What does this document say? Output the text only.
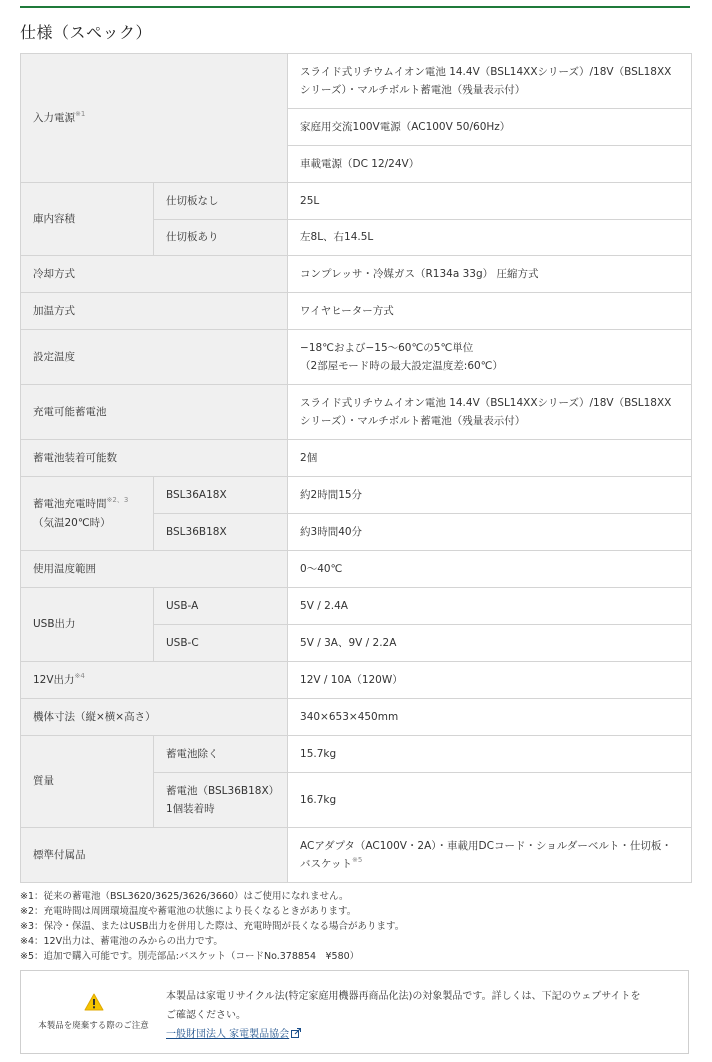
仕様（スペック）
入力電源$^{※1}$		スライド式リチウムイオン電池 14.4V（BSL14XXシリーズ）/18V（BSL18XXシリーズ）・マルチボルト蓄電池（残量表示付）
		家庭用交流100V電源（AC100V 50/60Hz）
		車載電源（DC 12/24V）
庫内容積	仕切板なし	25L
	仕切板あり	左8L、右14.5L
冷却方式		コンプレッサ・冷媒ガス（R134a 33g） 圧縮方式
加温方式		ワイヤヒーター方式
設定温度		−18℃および−15〜60℃の5℃単位
（2部屋モード時の最大設定温度差:60℃）

充電可能蓄電池		スライド式リチウムイオン電池 14.4V（BSL14XXシリーズ）/18V（BSL18XXシリーズ）・マルチボルト蓄電池（残量表示付）
蓄電池装着可能数		2個

蓄電池充電時間$^{※2、3}$
（気温20℃時）	BSL36A18X	約2時間15分
	BSL36B18X	約3時間40分
使用温度範囲		0〜40℃
USB出力	USB-A	5V / 2.4A
	USB-C	5V / 3A、9V / 2.2A
12V出力$^{※4}$		12V / 10A（120W）
機体寸法（縦×横×高さ）		340×653×450mm
質量	蓄電池除く	15.7kg

	蓄電池（BSL36B18X）
1個装着時	16.7kg
標準付属品		ACアダプタ（AC100V・2A）・車載用DCコード・ショルダーベルト・仕切板・
バスケット$^{※5}$
※1：従来の蓄電池（BSL3620/3625/3626/3660）はご使用になれません。
※2：充電時間は周囲環境温度や蓄電池の状態により長くなるときがあります。
※3：保冷・保温、またはUSB出力を併用した際は、充電時間が長くなる場合があります。
※4：12V出力は、蓄電池のみからの出力です。
※5：追加で購入可能です。別売部品:バスケット（コードNo.378854　¥580）
本製品を廃棄する際のご注意
本製品は家電リサイクル法(特定家庭用機器再商品化法)の対象製品です。詳しくは、下記のウェブサイトを
ご確認ください。
一般財団法人 家電製品協会
